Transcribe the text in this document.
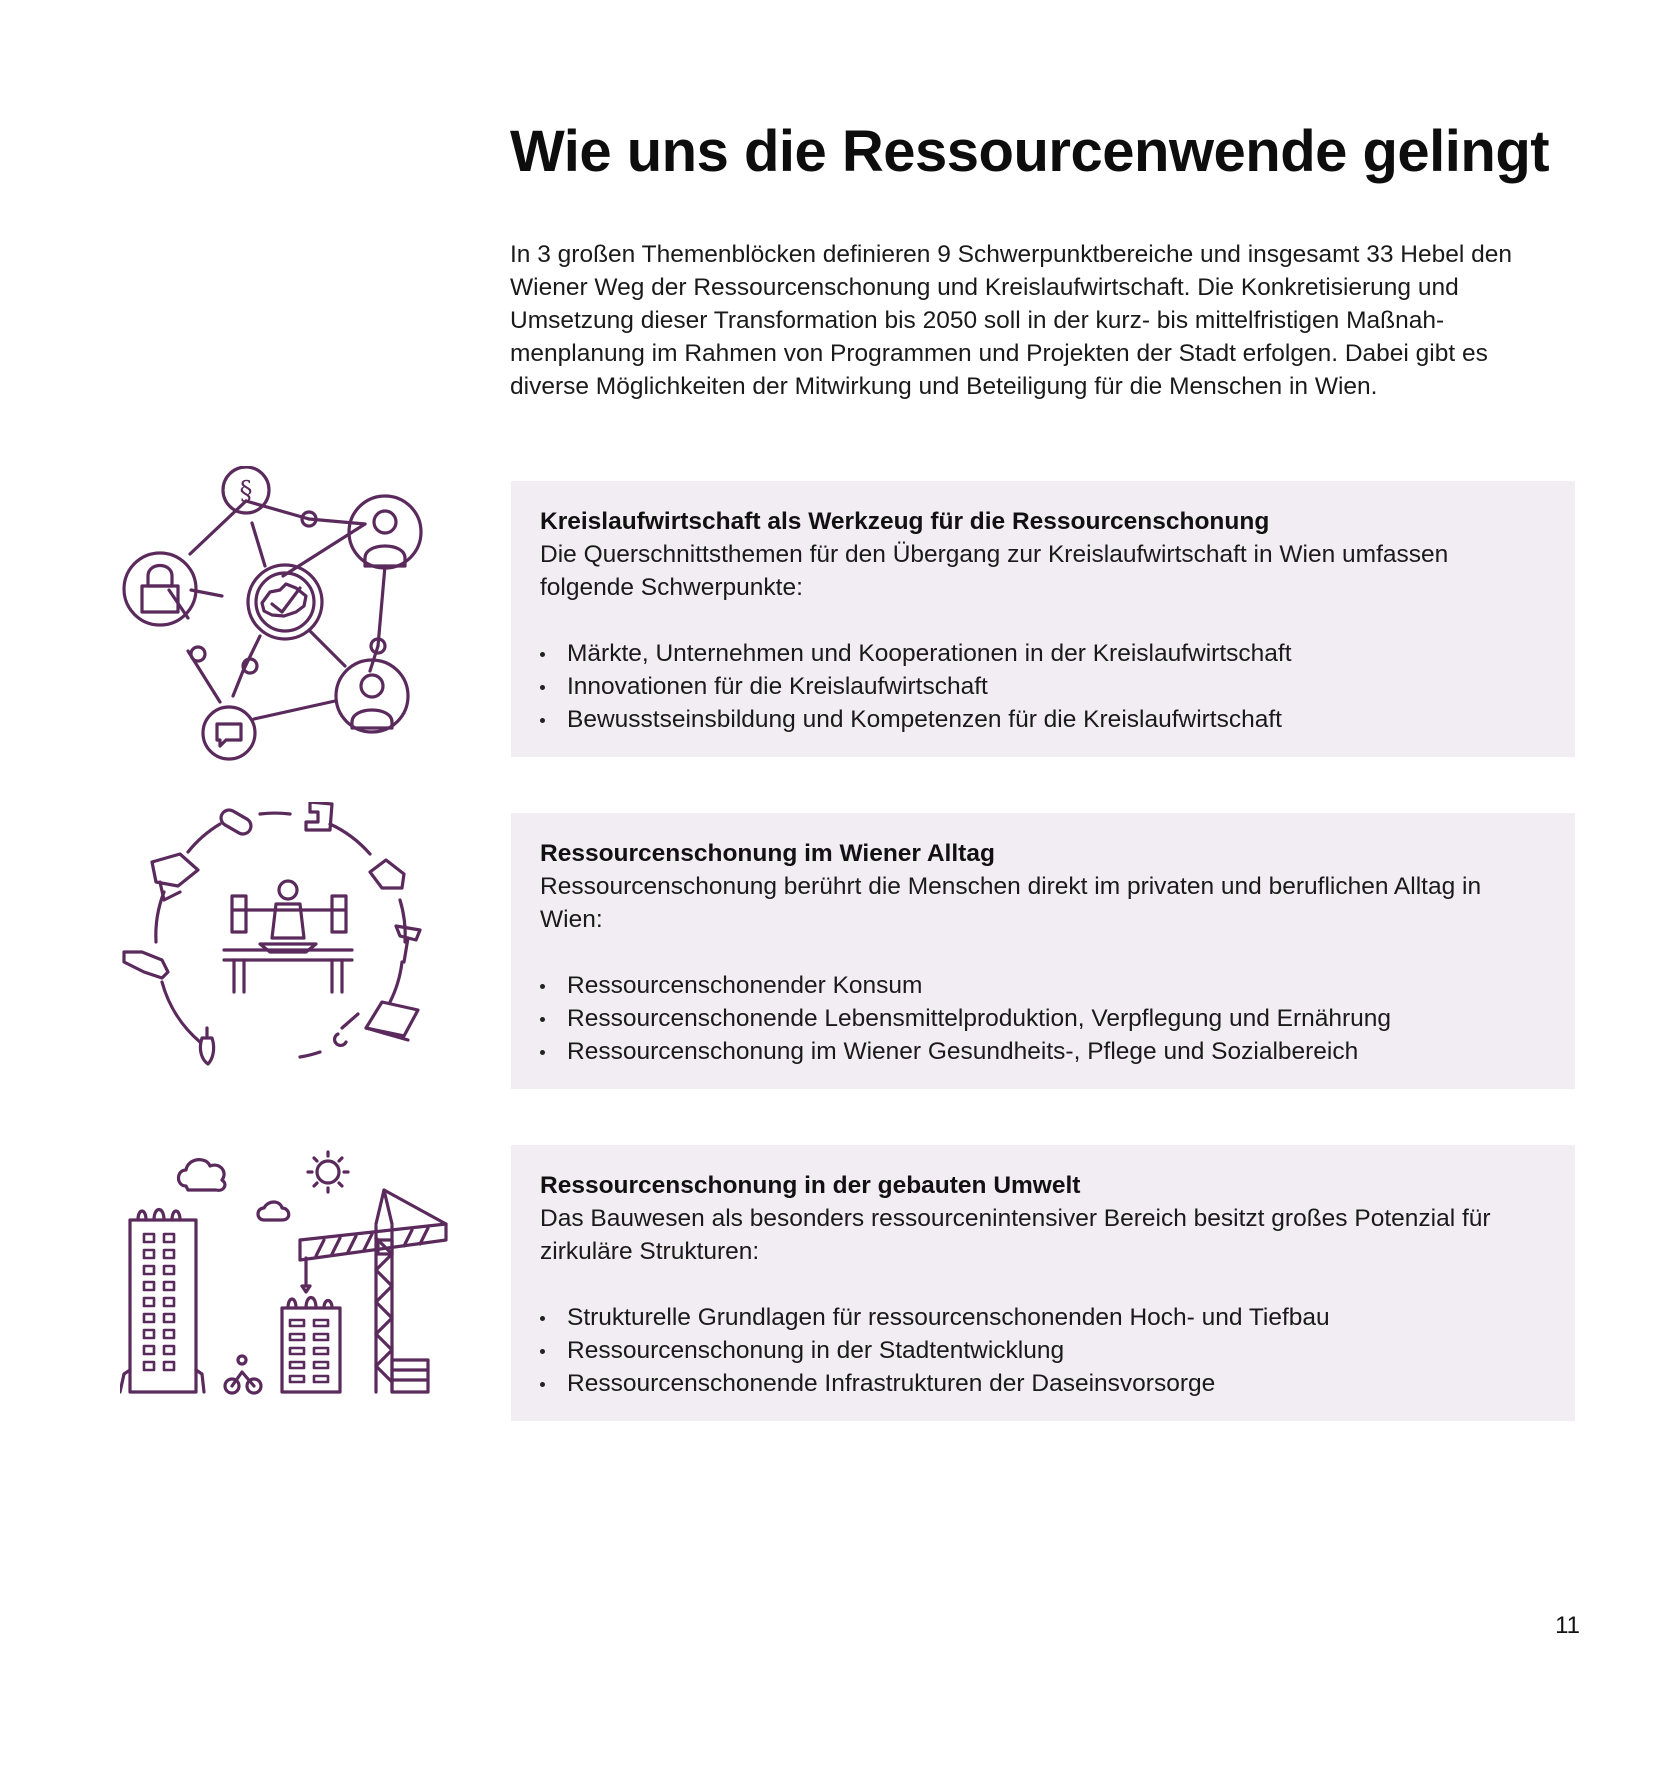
Wie uns die Ressourcenwende gelingt

In 3 großen Themenblöcken definieren 9 Schwerpunktbereiche und insgesamt 33 Hebel den Wiener Weg der Ressourcenschonung und Kreislaufwirtschaft. Die Konkretisierung und Umsetzung dieser Transformation bis 2050 soll in der kurz- bis mittelfristigen Maßnah-menplanung im Rahmen von Programmen und Projekten der Stadt erfolgen. Dabei gibt es diverse Möglichkeiten der Mitwirkung und Beteiligung für die Menschen in Wien.

§
Kreislaufwirtschaft als Werkzeug für die Ressourcenschonung

Die Querschnittsthemen für den Übergang zur Kreislaufwirtschaft in Wien umfassen folgende Schwerpunkte:

Märkte, Unternehmen und Kooperationen in der Kreislaufwirtschaft
Innovationen für die Kreislaufwirtschaft
Bewusstseinsbildung und Kompetenzen für die Kreislaufwirtschaft
Ressourcenschonung im Wiener Alltag

Ressourcenschonung berührt die Menschen direkt im privaten und beruflichen Alltag in Wien:

Ressourcenschonender Konsum
Ressourcenschonende Lebensmittelproduktion, Verpflegung und Ernährung
Ressourcenschonung im Wiener Gesundheits-, Pflege und Sozialbereich
Ressourcenschonung in der gebauten Umwelt

Das Bauwesen als besonders ressourcenintensiver Bereich besitzt großes Potenzial für zirkuläre Strukturen:

Strukturelle Grundlagen für ressourcenschonenden Hoch- und Tiefbau
Ressourcenschonung in der Stadtentwicklung
Ressourcenschonende Infrastrukturen der Daseinsvorsorge
11
